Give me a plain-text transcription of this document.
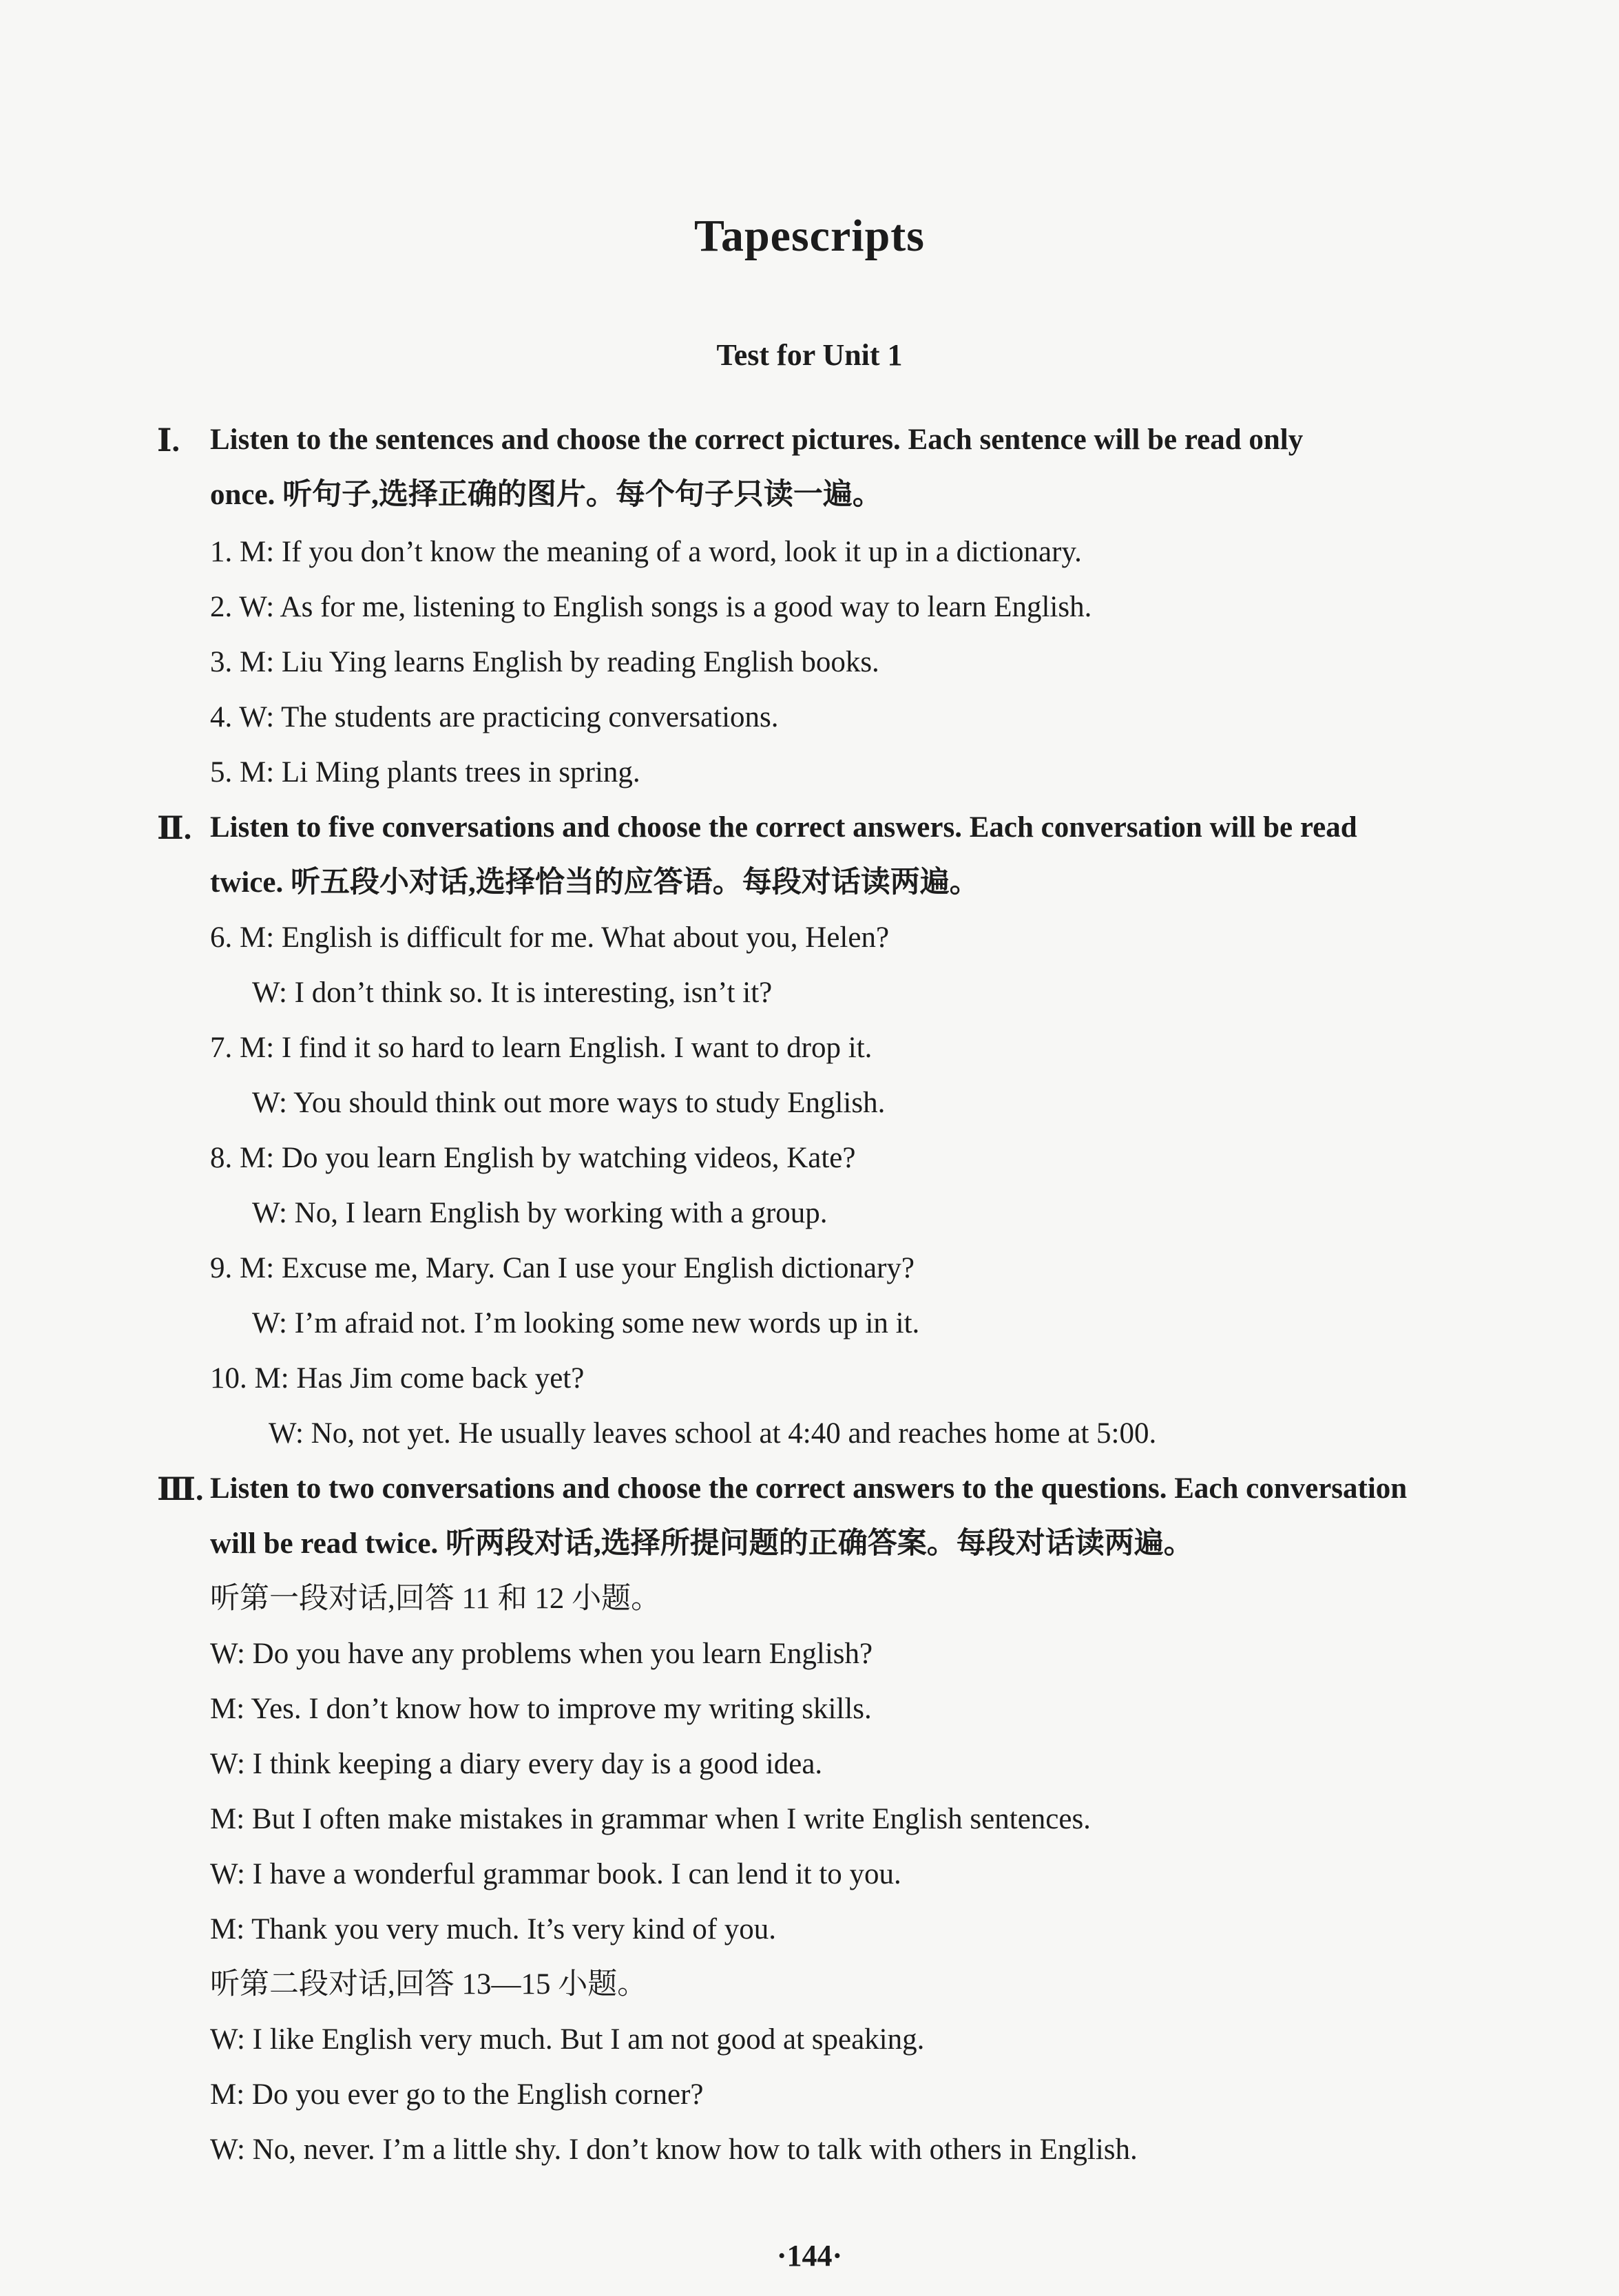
Tapescripts
Test for Unit 1
Ⅰ. Listen to the sentences and choose the correct pictures. Each sentence will be read only
once. 听句子,选择正确的图片。每个句子只读一遍。
1. M: If you don’t know the meaning of a word, look it up in a dictionary.
2. W: As for me, listening to English songs is a good way to learn English.
3. M: Liu Ying learns English by reading English books.
4. W: The students are practicing conversations.
5. M: Li Ming plants trees in spring.
Ⅱ. Listen to five conversations and choose the correct answers. Each conversation will be read
twice. 听五段小对话,选择恰当的应答语。每段对话读两遍。
6. M: English is difficult for me. What about you, Helen?
W: I don’t think so. It is interesting, isn’t it?
7. M: I find it so hard to learn English. I want to drop it.
W: You should think out more ways to study English.
8. M: Do you learn English by watching videos, Kate?
W: No, I learn English by working with a group.
9. M: Excuse me, Mary. Can I use your English dictionary?
W: I’m afraid not. I’m looking some new words up in it.
10. M: Has Jim come back yet?
W: No, not yet. He usually leaves school at 4:40 and reaches home at 5:00.
Ⅲ. Listen to two conversations and choose the correct answers to the questions. Each conversation
will be read twice. 听两段对话,选择所提问题的正确答案。每段对话读两遍。
听第一段对话,回答 11 和 12 小题。
W: Do you have any problems when you learn English?
M: Yes. I don’t know how to improve my writing skills.
W: I think keeping a diary every day is a good idea.
M: But I often make mistakes in grammar when I write English sentences.
W: I have a wonderful grammar book. I can lend it to you.
M: Thank you very much. It’s very kind of you.
听第二段对话,回答 13—15 小题。
W: I like English very much. But I am not good at speaking.
M: Do you ever go to the English corner?
W: No, never. I’m a little shy. I don’t know how to talk with others in English.
·144·
